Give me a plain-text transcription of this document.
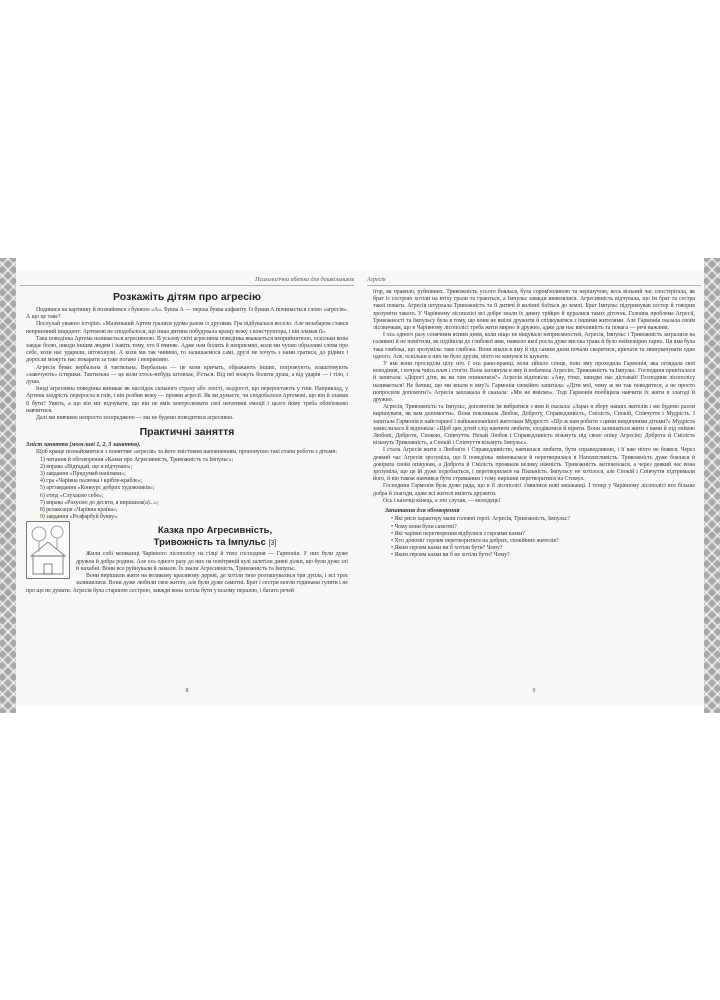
Психологічна абетка для дошкільників
Розкажіть дітям про агресію

Подивися на картинку й познайомся з буквою «А». Буква А — перша буква алфавіту. Із букви А починається слово «агресія». А що це таке?

Послухай уважно історію. «Маленький Артем гралися удома разом із друзями. Гра відбувалася весело. Але незабаром стався неприємний інцидент: Артемові не сподобалося, що інша дитина побудувала кращу вежу з конструктора, і він зламав її».

Така поведінка Артема називається агресивною. В усьому світі агресивна поведінка вважається неприйнятною, оскільки вона завдає болю, шкоди іншим людям і навіть тому, хто її вчиняє. Адже нам болить й неприємно, коли ми чуємо образливі слова про себе, коли нас ударили, штовхнули. А коли ми так чинимо, то залишаємося самі, друзі не хочуть з нами гратися, до рідних і доросли можуть нас покарати за таке погано і неприємно.

Агресія буває вербальна й тактильна. Вербальна — це коли кричать, ображають інших, погрожують, влаштовують «закочують» істерики. Тактильна — це коли хтось-небудь штовхає, б'ється. Від неї можуть болити душа, а від ударів — і тіло, і душа.

Іноді агресивна поведінка виникає як наслідок сильного страху або злості, заздрості, що переростають у гнів. Наприклад, у Артема заздрість переросла в гнів, і він розбив вежу — прояви агресії. Як ви думаєте, чи сподобалося Артемові, що він й зламав її бути? Уявіть, а що він міг відчувати, що він не вміє контролювати свої негативні емоції і цього йому треба обов'язково навчитися.

Далі ми вивчимо непросто зосереджено — ми не будемо поводитися агресивно.

Практичні заняття

Зміст заняття (можливі 1, 2, 3 заняття).

Щоб краще познайомитися з поняттям «агресія» та його змістовим наповненням, пропонуємо такі етапи роботи з дітьми:

1) читання й обговорення «Казки про Агресивність, Тривожність та Імпульс»;
2) вправа «Відгадай, що я відчуваю»;
3) завдання «Придумай наніпаки»;
4) гра «Чарівна паличка і крібле-крабле»;
5) артзавдання «Конкурс добрих художників»;
6) етюд «Слухаємо себе»;
7) вправа «Рахуємо до десяти, я вирішила(а)...»;
8) релаксація «Чарівна країна»;
9) завдання «Розфарбуй букву».
Казка про Агресивність,
Тривожність та Імпульс [3]

Жили собі мешканці Чарівного лісополісу на гілці й тихо господиня — Гармонія. У них були дуже дружна й добра родина. Але ось одного разу до них на повітряній кулі залетіли дивні ділки, що були дуже злі й нахабні. Вони все руйнували й ламали. Їх звали Агресивність, Тривожність та Імпульс.

Вони вирішили жити на великому красивому дереві, де хотіли тихо розташувалися три дупла, і всі троє залишилися. Вони дуже любили своє житло, але були дуже самотні. Брат і сестри могли годинами гуляти і не про що не думати. Агресія була старшою сестрою, завжди вона хотіла бути у всьому першою, і багато речей

8
Агресія

ігор, як правило, руйнівних. Тривожність усього боялася, була сором'язливою та нерішучою, весь вільний час спостерігала, як брат із сестрою хотіли на втіху грали та граються, а Імпульс завжди виявлялися. Агресивність відчувала, що їм брат та сестра такої поваги. Агресія штурхала Тривожність та її дитячі й колінні боїться до землі. Брат Імпульс підтримував сестер й говорив зрозуміти такого. У Чарівному лісополісі всі добре знали їх дивну трійцю й цуралися таких діточок. Головна проблема Агресії, Тривожності та Імпульсу була в тому, що вони не вміли дружити й спілкуватися з іншими жителями. Але Гармонія сказала своїм лісовичкам, що в Чарівному лісополісі треба жити мирно й дружно, адже для нас ввічливість та повага — речі важливі.

І ось одного разу сонячним ясним днем, коли ніщо не віщувало неприємностей, Агресія, Імпульс і Тривожність загралися на галявині й не помітили, як підійшли до глибокої ями, навколо якої росла дуже висока трава й було неймовірно гарно. Ця яма була така глибока, що зрозуміла: таке глибока. Вони впали в яму й під самим дном почали сваритися, кричати та звинувачувати одне одного. Але, оскільки в них не було друзів, ніхто не кинувся їх шукати.

У ямі вони просиділи цілу ніч. І ось рано-вранці, коли зійшло сонце, повз яму проходила Гармонія, яка оглядала свої володіння, і почула чиїсь плач і стогін. Вона заглянула в яму й побачила Агресію, Тривожність та Імпульс. Господиня привіталася й запитала: «Дорогі діти, як ви там опинилися?» Агресія відповіла: «Аяу, тітко, швидко нас діставай! Господиня лісополісу називається! Не бачиш, що ми впали в яму?» Гармонія спокійно запитала: «Діти мої, чому ж ви так поводитеся, а не просто попросили допомоги?» Агресія заплакала й сказала: «Ми не вміємо». Тоді Гармонія пообіцяла навчити їх жити в злагоді й дружно.

Агресія, Тривожність та Імпульс, допомогли їм вибратися з ями й сказала: «Зараз я зберу наших жителів і ми будемо разом вирішувати, як вам допомогти». Вона покликала Любов, Доброту, Справедливість, Смілість, Спокій, Співчуття і Мудрість. І запитала Гармонія в найстаршої і найшанованішої жительки Мудрості: «Що ж нам робити з цими невдячними дітьми?» Мудрість замислилася й відповіла: «Щоб цих дітей слід навчити любити, сподіватися й вірити. Вони залишаться жити з нами й під опікою Любові, Доброти, Спокою, Співчуття. Нехай Любов і Справедливість візьмуть під свою опіку Агресію; Доброта й Смілість візьмуть Тривожність, а Спокій і Співчуття візьмуть Імпульс».

І стала Агресія жити з Любов'ю і Справедливістю, навчилася любити, бути справедливою, і її вже ніхто не боявся. Через деякий час Агресія зрозуміла, що її поведінка змінювалася й перетворилася в Наполегливість. Тривожність дуже боялася й довіряла своїм опікунам, а Доброта й Смілість проявили велику ніжність. Тривожність заспокоїлася, а через деякий час вона зрозуміла, що це їй дуже подобається, і перетворилася на Пильність. Імпульсу не хотілося, але Спокій і Співчуття підтримали його, й він також навчився бути стриманим і тому вирішив перетворитися на Стимул.

Господиня Гармонія була дуже рада, що в її лісополісі з'явилися нові мешканці. І тепер у Чарівному лісополісі все більше добра й злагоди, адже всі жителі вміють дружити.

Ось і казочці кінець, а хто слухав, — молодець!

Запитання для обговорення

• Які риси характеру мали головні герої: Агресія, Тривожність, Імпульс?
• Чому вони були самотні?
• Які чарівні перетворення відбулися з героями казки?
• Хто допоміг героям перетворитися на добрих, спокійних жителів?
• Яким героям казки ви б хотіли бути? Чому?
• Яким героям казки ви б не хотіли бути? Чому?
9
